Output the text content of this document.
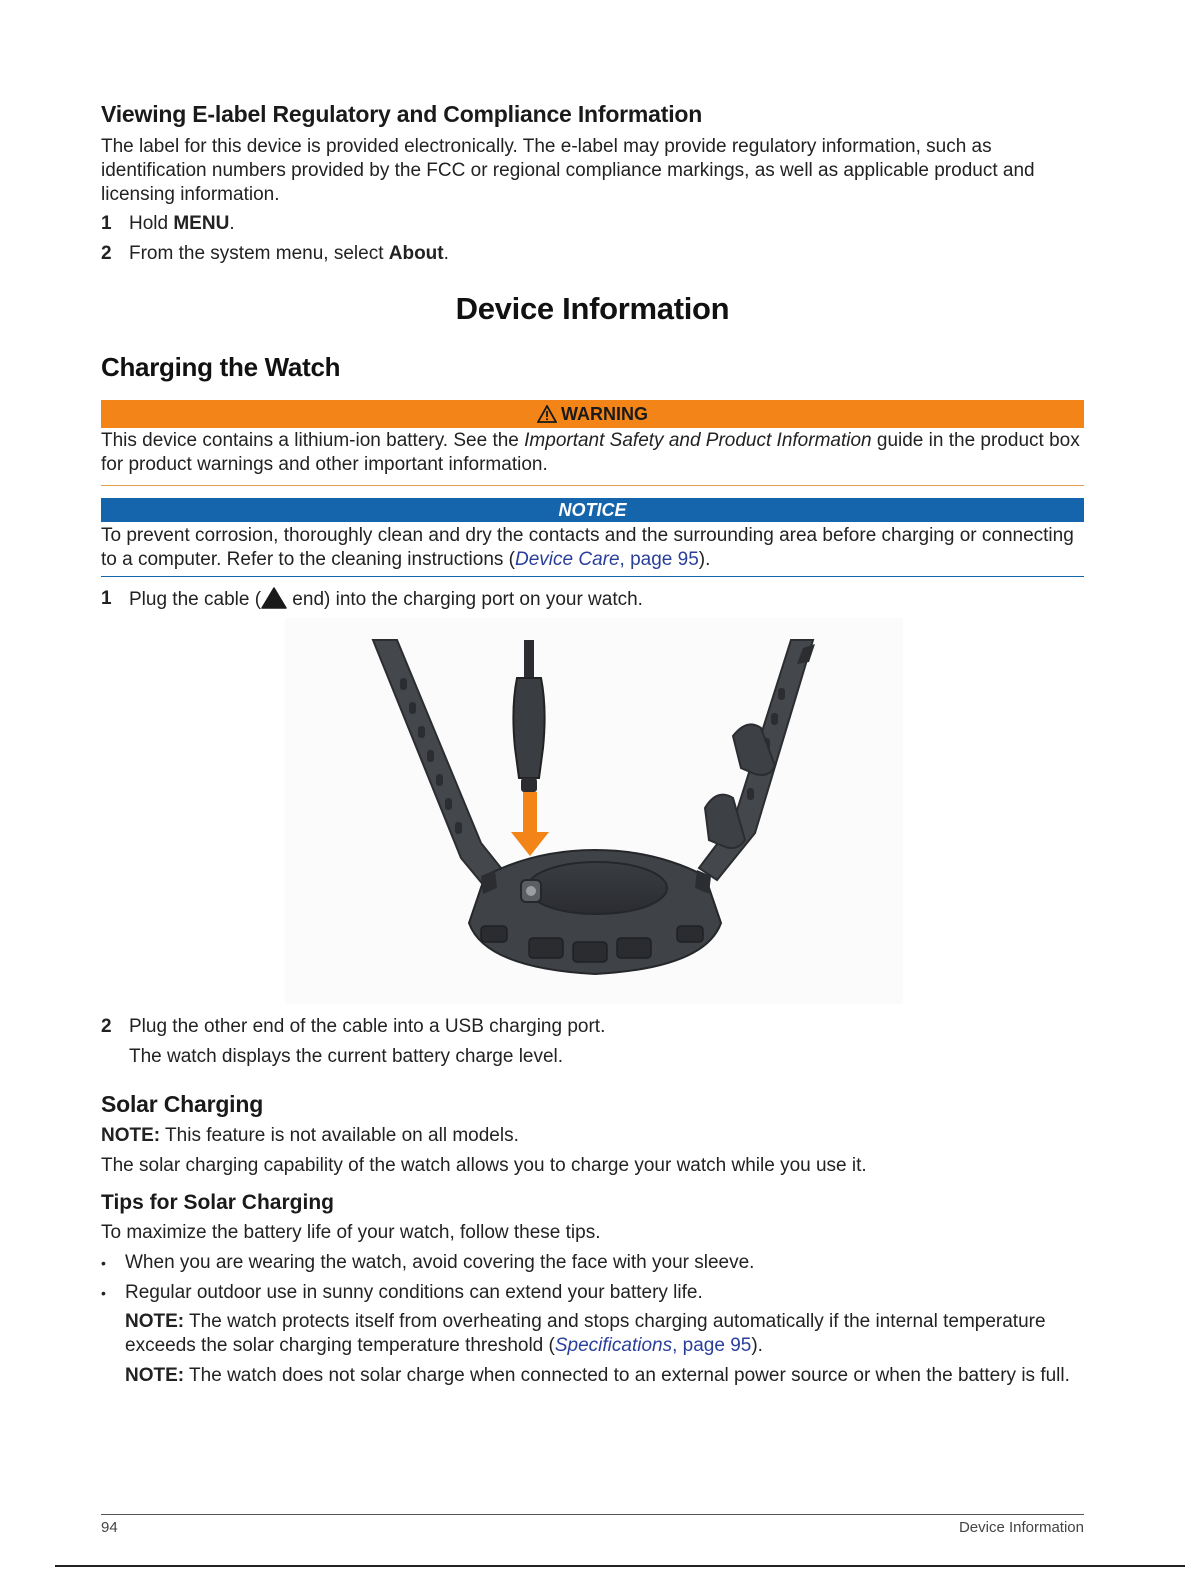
Viewing E-label Regulatory and Compliance Information

The label for this device is provided electronically. The e-label may provide regulatory information, such as identification numbers provided by the FCC or regional compliance markings, as well as applicable product and licensing information.

1 Hold MENU.
2 From the system menu, select About.
Device Information
Charging the Watch
WARNING

This device contains a lithium-ion battery. See the Important Safety and Product Information guide in the product box for product warnings and other important information.

NOTICE

To prevent corrosion, thoroughly clean and dry the contacts and the surrounding area before charging or connecting to a computer. Refer to the cleaning instructions (Device Care, page 95).

1 Plug the cable ( end) into the charging port on your watch.
2 Plug the other end of the cable into a USB charging port.

The watch displays the current battery charge level.

Solar Charging

NOTE: This feature is not available on all models.

The solar charging capability of the watch allows you to charge your watch while you use it.

Tips for Solar Charging

To maximize the battery life of your watch, follow these tips.

• When you are wearing the watch, avoid covering the face with your sleeve.
• Regular outdoor use in sunny conditions can extend your battery life.

NOTE: The watch protects itself from overheating and stops charging automatically if the internal temperature exceeds the solar charging temperature threshold (Specifications, page 95).

NOTE: The watch does not solar charge when connected to an external power source or when the battery is full.

94	Device Information
